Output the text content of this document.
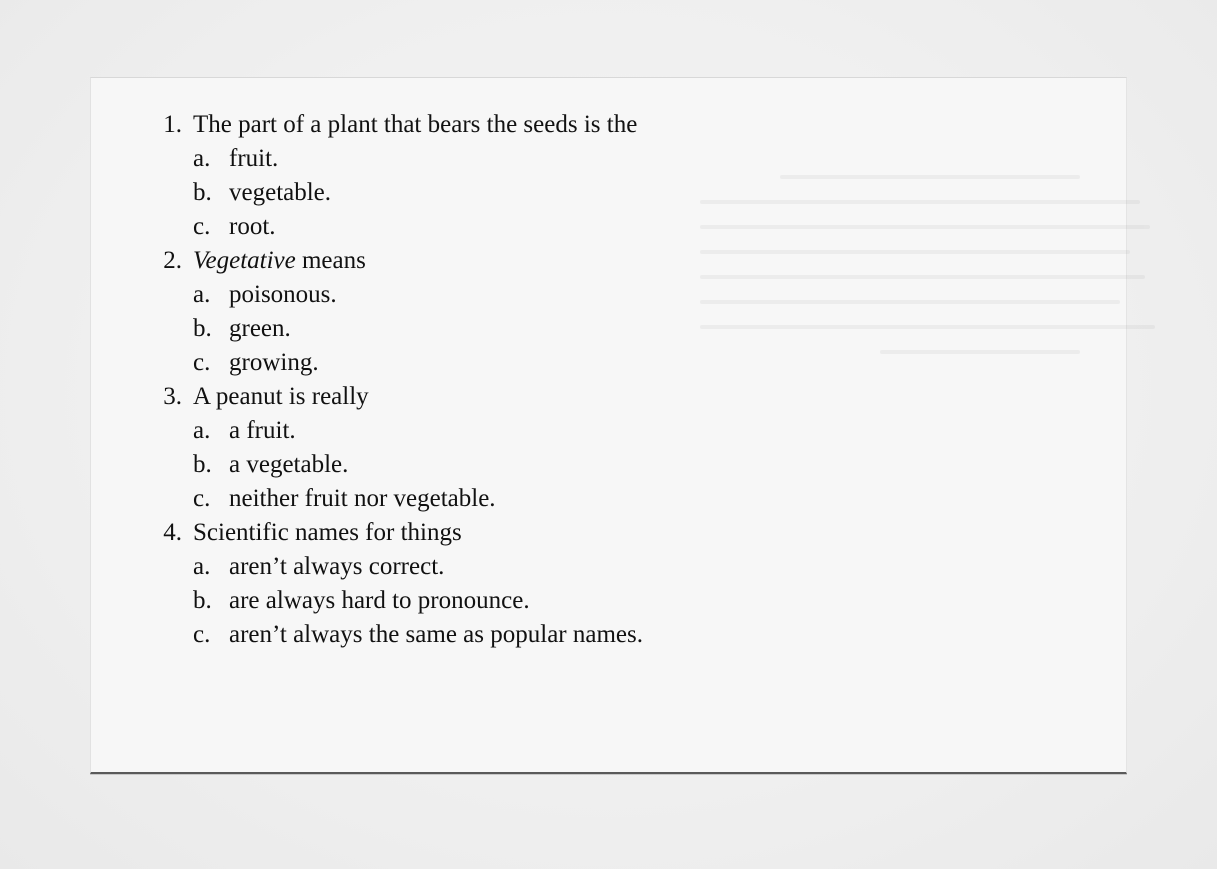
1. The part of a plant that bears the seeds is the
a. fruit.
b. vegetable.
c. root.
2. Vegetative means
a. poisonous.
b. green.
c. growing.
3. A peanut is really
a. a fruit.
b. a vegetable.
c. neither fruit nor vegetable.
4. Scientific names for things
a. aren’t always correct.
b. are always hard to pronounce.
c. aren’t always the same as popular names.
